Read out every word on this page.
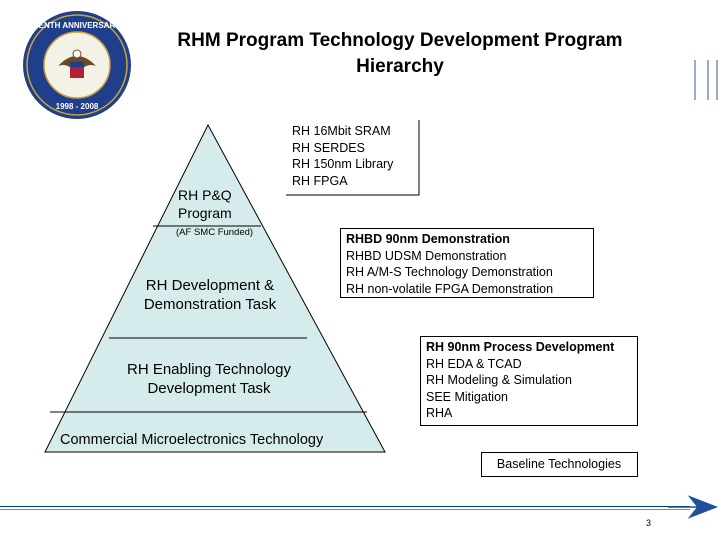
TENTH ANNIVERSARY
1998 - 2008
RHM Program Technology Development Program
Hierarchy
RH P&Q Program
(AF SMC Funded)
RH Development &
Demonstration Task
RH Enabling Technology
Development Task
Commercial Microelectronics Technology
RH 16Mbit SRAM
RH SERDES
RH 150nm Library
RH FPGA
RHBD 90nm Demonstration
RHBD UDSM Demonstration
RH A/M-S Technology Demonstration
RH non-volatile FPGA Demonstration
RH 90nm Process Development
RH EDA & TCAD
RH Modeling & Simulation
SEE Mitigation
RHA
Baseline Technologies
3
